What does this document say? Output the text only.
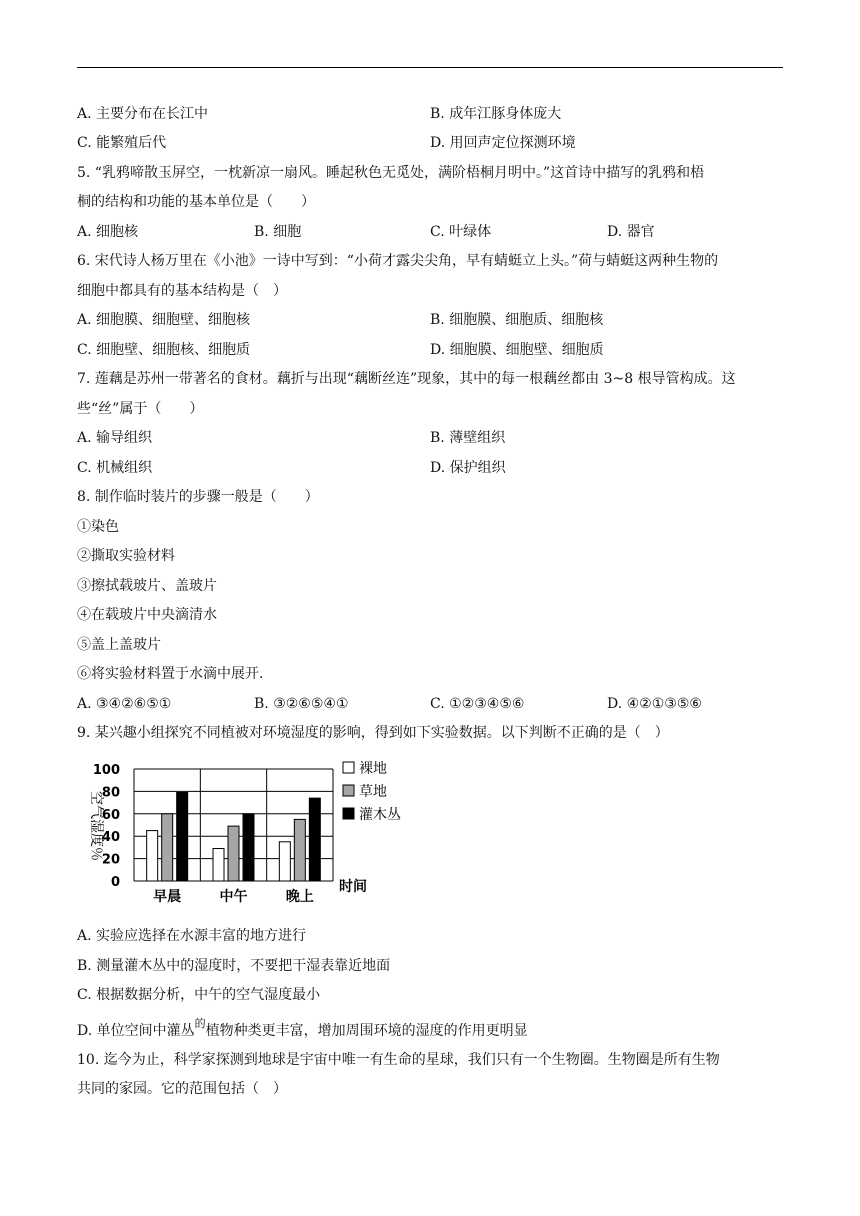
A. 主要分布在长江中	B. 成年江豚身体庞大
C. 能繁殖后代	D. 用回声定位探测环境
5. “乳鸦啼散玉屏空，一枕新凉一扇风。睡起秋色无觅处，满阶梧桐月明中。”这首诗中描写的乳鸦和梧
桐的结构和功能的基本单位是（　　）
A. 细胞核	B. 细胞	C. 叶绿体	D. 器官
6. 宋代诗人杨万里在《小池》一诗中写到：“小荷才露尖尖角，早有蜻蜓立上头。”荷与蜻蜓这两种生物的
细胞中都具有的基本结构是（　）
A. 细胞膜、细胞壁、细胞核	B. 细胞膜、细胞质、细胞核
C. 细胞壁、细胞核、细胞质	D. 细胞膜、细胞壁、细胞质
7. 莲藕是苏州一带著名的食材。藕折与出现“藕断丝连”现象，其中的每一根藕丝都由 3~8 根导管构成。这
些“丝”属于（　　）
A. 输导组织	B. 薄壁组织
C. 机械组织	D. 保护组织
8. 制作临时装片的步骤一般是（　　）
①染色
②撕取实验材料
③擦拭载玻片、盖玻片
④在载玻片中央滴清水
⑤盖上盖玻片
⑥将实验材料置于水滴中展开.
A. ③④②⑥⑤①	B. ③②⑥⑤④①	C. ①②③④⑤⑥	D. ④②①③⑤⑥
9. 某兴趣小组探究不同植被对环境湿度的影响，得到如下实验数据。以下判断不正确的是（　）
100
80
60
40
20
0
早晨	中午	晚上
空气湿度％
时间
裸地
草地
灌木丛
A. 实验应选择在水源丰富的地方进行
B. 测量灌木丛中的湿度时，不要把干湿表靠近地面
C. 根据数据分析，中午的空气湿度最小
D. 单位空间中灌丛$^的$植物种类更丰富，增加周围环境的湿度的作用更明显
10. 迄今为止，科学家探测到地球是宇宙中唯一有生命的星球，我们只有一个生物圈。生物圈是所有生物
共同的家园。它的范围包括（　）
